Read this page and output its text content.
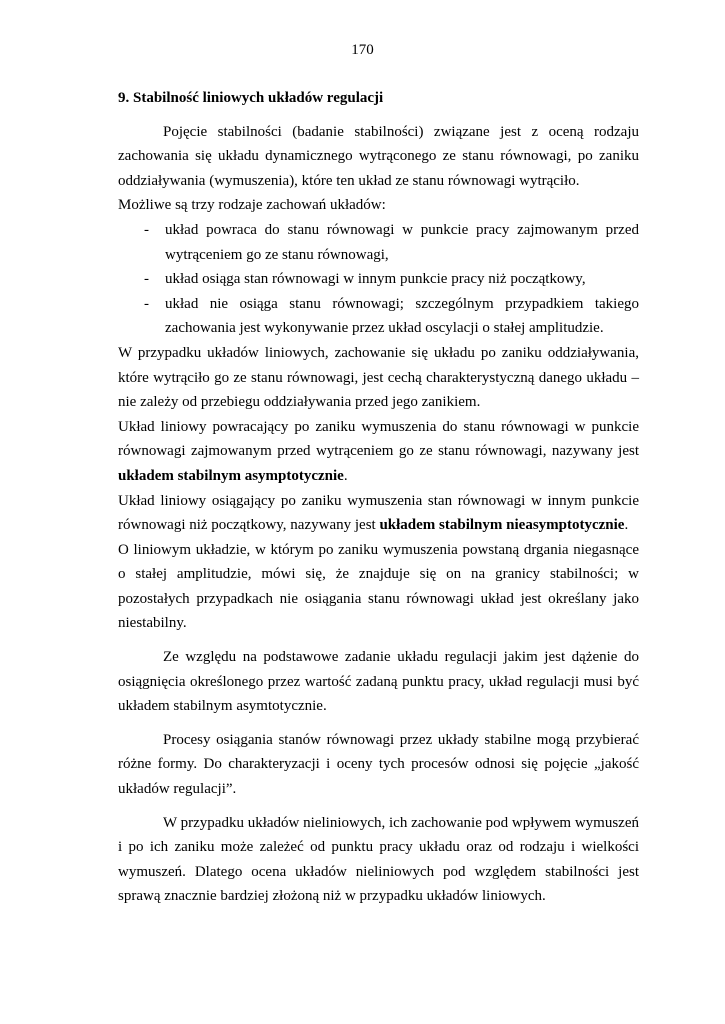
170
9. Stabilność liniowych układów regulacji

Pojęcie stabilności (badanie stabilności) związane jest z oceną rodzaju zachowania się układu dynamicznego wytrąconego ze stanu równowagi, po zaniku oddziaływania (wymuszenia), które ten układ ze stanu równowagi wytrąciło.

Możliwe są trzy rodzaje zachowań układów:

- układ powraca do stanu równowagi w punkcie pracy zajmowanym przed wytrąceniem go ze stanu równowagi,
- układ osiąga stan równowagi w innym punkcie pracy niż początkowy,
- układ nie osiąga stanu równowagi; szczególnym przypadkiem takiego zachowania jest wykonywanie przez układ oscylacji o stałej amplitudzie.

W przypadku układów liniowych, zachowanie się układu po zaniku oddziaływania, które wytrąciło go ze stanu równowagi, jest cechą charakterystyczną danego układu – nie zależy od przebiegu oddziaływania przed jego zanikiem.

Układ liniowy powracający po zaniku wymuszenia do stanu równowagi w punkcie równowagi zajmowanym przed wytrąceniem go ze stanu równowagi, nazywany jest układem stabilnym asymptotycznie.

Układ liniowy osiągający po zaniku wymuszenia stan równowagi w innym punkcie równowagi niż początkowy, nazywany jest układem stabilnym nieasymptotycznie.

O liniowym układzie, w którym po zaniku wymuszenia powstaną drgania niegasnące o stałej amplitudzie, mówi się, że znajduje się on na granicy stabilności; w pozostałych przypadkach nie osiągania stanu równowagi układ jest określany jako niestabilny.

Ze względu na podstawowe zadanie układu regulacji jakim jest dążenie do osiągnięcia określonego przez wartość zadaną punktu pracy, układ regulacji musi być układem stabilnym asymtotycznie.

Procesy osiągania stanów równowagi przez układy stabilne mogą przybierać różne formy. Do charakteryzacji i oceny tych procesów odnosi się pojęcie „jakość układów regulacji”.

W przypadku układów nieliniowych, ich zachowanie pod wpływem wymuszeń i po ich zaniku może zależeć od punktu pracy układu oraz od rodzaju i wielkości wymuszeń. Dlatego ocena układów nieliniowych pod względem stabilności jest sprawą znacznie bardziej złożoną niż w przypadku układów liniowych.
